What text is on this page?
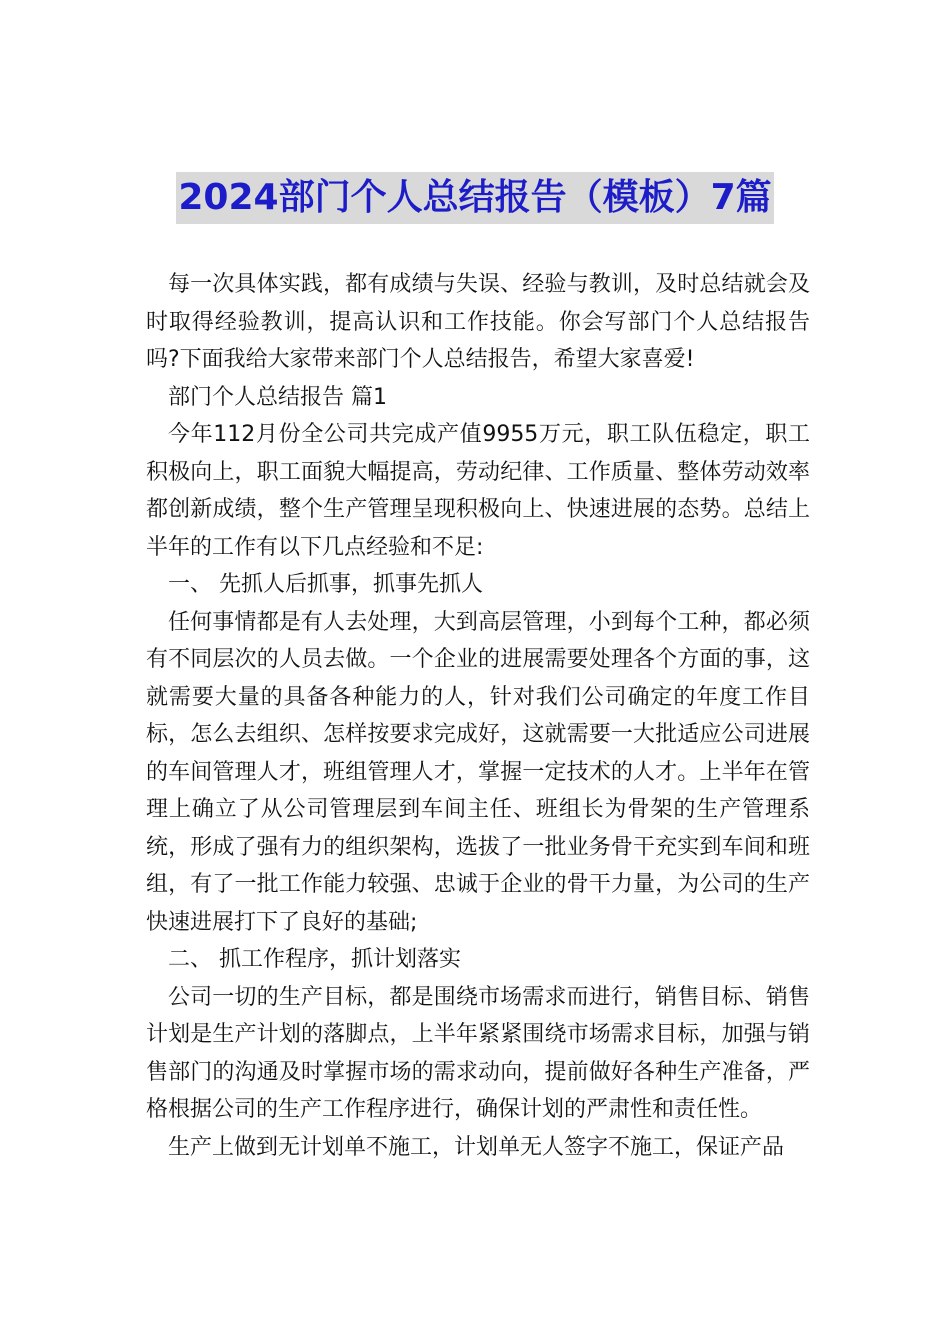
2024部门个人总结报告（模板）7篇

每一次具体实践，都有成绩与失误、经验与教训，及时总结就会及时取得经验教训，提高认识和工作技能。你会写部门个人总结报告吗?下面我给大家带来部门个人总结报告，希望大家喜爱!

部门个人总结报告 篇1

今年112月份全公司共完成产值9955万元，职工队伍稳定，职工积极向上，职工面貌大幅提高，劳动纪律、工作质量、整体劳动效率都创新成绩，整个生产管理呈现积极向上、快速进展的态势。总结上半年的工作有以下几点经验和不足:

一、 先抓人后抓事，抓事先抓人

任何事情都是有人去处理，大到高层管理，小到每个工种，都必须有不同层次的人员去做。一个企业的进展需要处理各个方面的事，这就需要大量的具备各种能力的人，针对我们公司确定的年度工作目标，怎么去组织、怎样按要求完成好，这就需要一大批适应公司进展的车间管理人才，班组管理人才，掌握一定技术的人才。上半年在管理上确立了从公司管理层到车间主任、班组长为骨架的生产管理系统，形成了强有力的组织架构，选拔了一批业务骨干充实到车间和班组，有了一批工作能力较强、忠诚于企业的骨干力量，为公司的生产快速进展打下了良好的基础;

二、 抓工作程序，抓计划落实

公司一切的生产目标，都是围绕市场需求而进行，销售目标、销售计划是生产计划的落脚点，上半年紧紧围绕市场需求目标，加强与销售部门的沟通及时掌握市场的需求动向，提前做好各种生产准备，严格根据公司的生产工作程序进行，确保计划的严肃性和责任性。

生产上做到无计划单不施工，计划单无人签字不施工，保证产品
